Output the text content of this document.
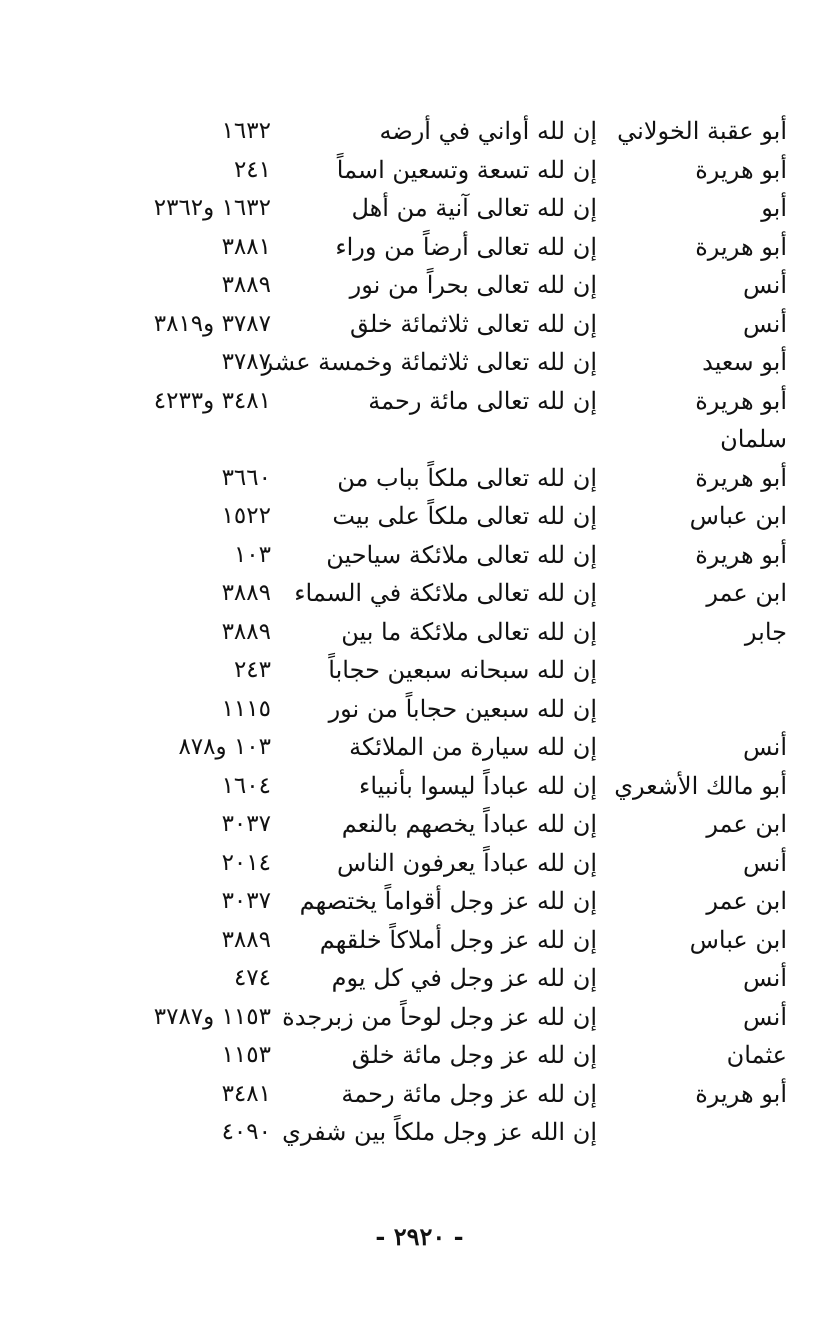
أبو عقبة الخولاني
إن لله أواني في أرضه
١٦٣٢
أبو هريرة
إن لله تسعة وتسعين اسماً
٢٤١
أبو
إن لله تعالى آنية من أهل
١٦٣٢ و٢٣٦٢
أبو هريرة
إن لله تعالى أرضاً من وراء
٣٨٨١
أنس
إن لله تعالى بحراً من نور
٣٨٨٩
أنس
إن لله تعالى ثلاثمائة خلق
٣٧٨٧ و٣٨١٩
أبو سعيد
إن لله تعالى ثلاثمائة وخمسة عشر
٣٧٨٧
أبو هريرة
إن لله تعالى مائة رحمة
٣٤٨١ و٤٢٣٣
سلمان
أبو هريرة
إن لله تعالى ملكاً بباب من
٣٦٦٠
ابن عباس
إن لله تعالى ملكاً على بيت
١٥٢٢
أبو هريرة
إن لله تعالى ملائكة سياحين
١٠٣
ابن عمر
إن لله تعالى ملائكة في السماء
٣٨٨٩
جابر
إن لله تعالى ملائكة ما بين
٣٨٨٩
إن لله سبحانه سبعين حجاباً
٢٤٣
إن لله سبعين حجاباً من نور
١١١٥
أنس
إن لله سيارة من الملائكة
١٠٣ و٨٧٨
أبو مالك الأشعري
إن لله عباداً ليسوا بأنبياء
١٦٠٤
ابن عمر
إن لله عباداً يخصهم بالنعم
٣٠٣٧
أنس
إن لله عباداً يعرفون الناس
٢٠١٤
ابن عمر
إن لله عز وجل أقواماً يختصهم
٣٠٣٧
ابن عباس
إن لله عز وجل أملاكاً خلقهم
٣٨٨٩
أنس
إن لله عز وجل في كل يوم
٤٧٤
أنس
إن لله عز وجل لوحاً من زبرجدة
١١٥٣ و٣٧٨٧
عثمان
إن لله عز وجل مائة خلق
١١٥٣
أبو هريرة
إن لله عز وجل مائة رحمة
٣٤٨١
إن الله عز وجل ملكاً بين شفري
٤٠٩٠
- ٢٩٢٠ -
